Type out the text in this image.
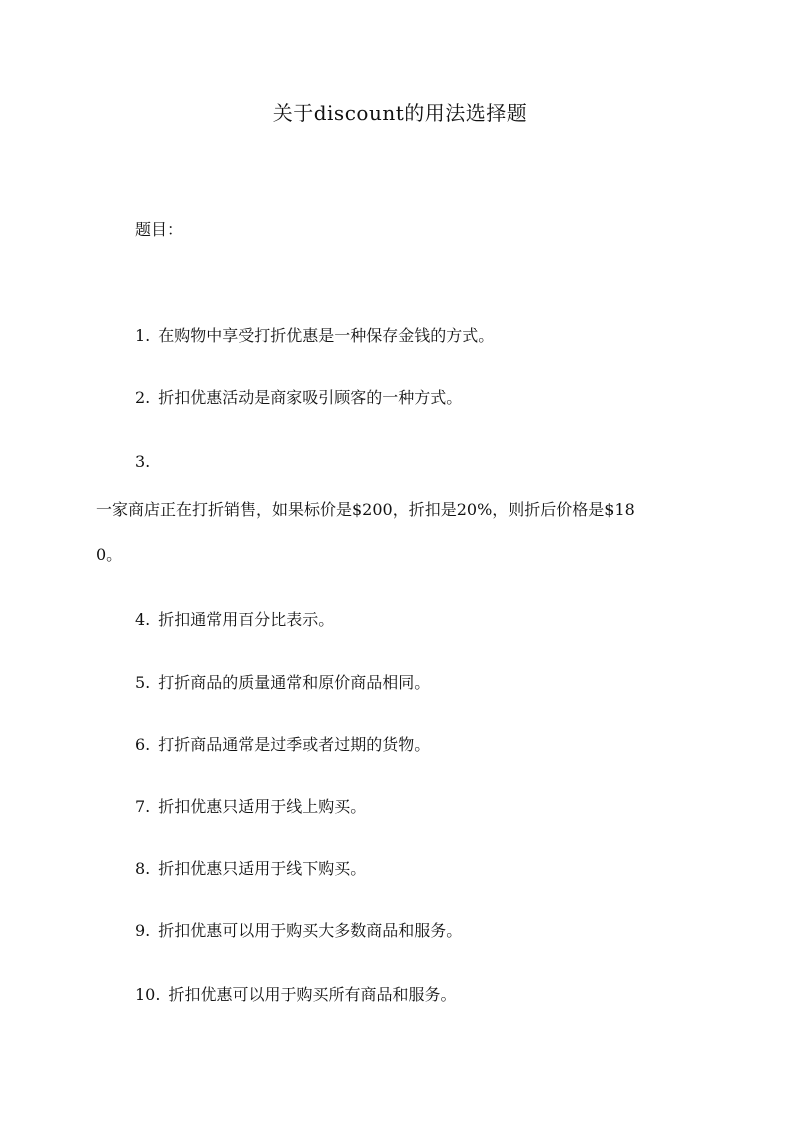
关于discount的用法选择题
题目：
1. 在购物中享受打折优惠是一种保存金钱的方式。
2. 折扣优惠活动是商家吸引顾客的一种方式。
3.
一家商店正在打折销售，如果标价是$200，折扣是20%，则折后价格是$18
0。
4. 折扣通常用百分比表示。
5. 打折商品的质量通常和原价商品相同。
6. 打折商品通常是过季或者过期的货物。
7. 折扣优惠只适用于线上购买。
8. 折扣优惠只适用于线下购买。
9. 折扣优惠可以用于购买大多数商品和服务。
10. 折扣优惠可以用于购买所有商品和服务。
